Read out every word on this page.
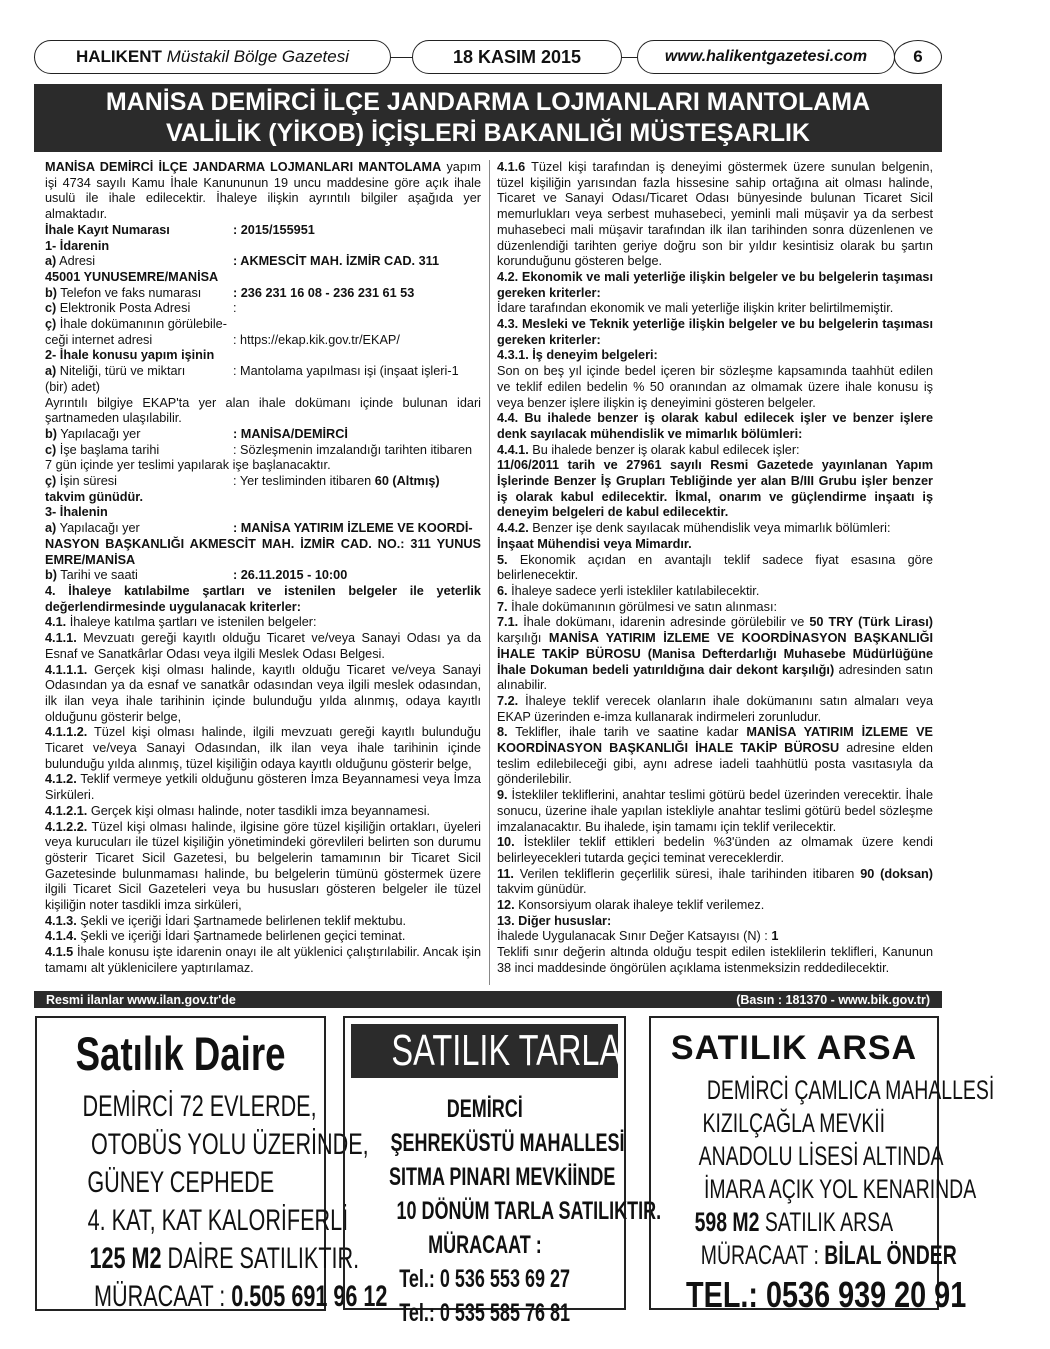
HALIKENT
Müstakil Bölge Gazetesi	18 KASIM 2015	www.halikentgazetesi.com	6
MANİSA DEMİRCİ İLÇE JANDARMA LOJMANLARI MANTOLAMA
VALİLİK (YİKOB) İÇİŞLERİ BAKANLIĞI MÜSTEŞARLIK

MANİSA DEMİRCİ İLÇE JANDARMA LOJMANLARI MANTOLAMA yapım işi 4734 sayılı Kamu İhale Kanununun 19 uncu maddesine göre açık ihale usulü ile ihale edilecektir. İhaleye ilişkin ayrıntılı bilgiler aşağıda yer almaktadır.

İhale Kayıt Numarası	: 2015/155951

1- İdarenin

a) Adresi	: AKMESCİT MAH. İZMİR CAD. 311

45001 YUNUSEMRE/MANİSA

b) Telefon ve faks numarası	: 236 231 16 08 - 236 231 61 53
c) Elektronik Posta Adresi	:

ç) İhale dokümanının görülebile-

ceği internet adresi	: https://ekap.kik.gov.tr/EKAP/

2- İhale konusu yapım işinin

a) Niteliği, türü ve miktarı	: Mantolama yapılması işi (inşaat işleri-1

(bir) adet)

Ayrıntılı bilgiye EKAP'ta yer alan ihale dokümanı içinde bulunan idari şartnameden ulaşılabilir.

b) Yapılacağı yer	: MANİSA/DEMİRCİ
c) İşe başlama tarihi	: Sözleşmenin imzalandığı tarihten itibaren

7 gün içinde yer teslimi yapılarak işe başlanacaktır.

ç) İşin süresi	: Yer tesliminden itibaren 60 (Altmış)

takvim günüdür.

3- İhalenin

a) Yapılacağı yer	: MANİSA YATIRIM İZLEME VE KOORDİ-

NASYON BAŞKANLIĞI AKMESCİT MAH. İZMİR CAD. NO.: 311 YUNUS EMRE/MANİSA

b) Tarihi ve saati	: 26.11.2015 - 10:00

4. İhaleye katılabilme şartları ve istenilen belgeler ile yeterlik değerlendirmesinde uygulanacak kriterler:

4.1. İhaleye katılma şartları ve istenilen belgeler:

4.1.1. Mevzuatı gereği kayıtlı olduğu Ticaret ve/veya Sanayi Odası ya da Esnaf ve Sanatkârlar Odası veya ilgili Meslek Odası Belgesi.

4.1.1.1. Gerçek kişi olması halinde, kayıtlı olduğu Ticaret ve/veya Sanayi Odasından ya da esnaf ve sanatkâr odasından veya ilgili meslek odasından, ilk ilan veya ihale tarihinin içinde bulunduğu yılda alınmış, odaya kayıtlı olduğunu gösterir belge,

4.1.1.2. Tüzel kişi olması halinde, ilgili mevzuatı gereği kayıtlı bulunduğu Ticaret ve/veya Sanayi Odasından, ilk ilan veya ihale tarihinin içinde bulunduğu yılda alınmış, tüzel kişiliğin odaya kayıtlı olduğunu gösterir belge,

4.1.2. Teklif vermeye yetkili olduğunu gösteren İmza Beyannamesi veya İmza Sirküleri.

4.1.2.1. Gerçek kişi olması halinde, noter tasdikli imza beyannamesi.

4.1.2.2. Tüzel kişi olması halinde, ilgisine göre tüzel kişiliğin ortakları, üyeleri veya kurucuları ile tüzel kişiliğin yönetimindeki görevlileri belirten son durumu gösterir Ticaret Sicil Gazetesi, bu belgelerin tamamının bir Ticaret Sicil Gazetesinde bulunmaması halinde, bu belgelerin tümünü göstermek üzere ilgili Ticaret Sicil Gazeteleri veya bu hususları gösteren belgeler ile tüzel kişiliğin noter tasdikli imza sirküleri,

4.1.3. Şekli ve içeriği İdari Şartnamede belirlenen teklif mektubu.

4.1.4. Şekli ve içeriği İdari Şartnamede belirlenen geçici teminat.

4.1.5 İhale konusu işte idarenin onayı ile alt yüklenici çalıştırılabilir. Ancak işin tamamı alt yüklenicilere yaptırılamaz.

4.1.6 Tüzel kişi tarafından iş deneyimi göstermek üzere sunulan belgenin, tüzel kişiliğin yarısından fazla hissesine sahip ortağına ait olması halinde, Ticaret ve Sanayi Odası/Ticaret Odası bünyesinde bulunan Ticaret Sicil memurlukları veya serbest muhasebeci, yeminli mali müşavir ya da serbest muhasebeci mali müşavir tarafından ilk ilan tarihinden sonra düzenlenen ve düzenlendiği tarihten geriye doğru son bir yıldır kesintisiz olarak bu şartın korunduğunu gösteren belge.

4.2. Ekonomik ve mali yeterliğe ilişkin belgeler ve bu belgelerin taşıması gereken kriterler:

İdare tarafından ekonomik ve mali yeterliğe ilişkin kriter belirtilmemiştir.

4.3. Mesleki ve Teknik yeterliğe ilişkin belgeler ve bu belgelerin taşıması gereken kriterler:

4.3.1. İş deneyim belgeleri:

Son on beş yıl içinde bedel içeren bir sözleşme kapsamında taahhüt edilen ve teklif edilen bedelin % 50 oranından az olmamak üzere ihale konusu iş veya benzer işlere ilişkin iş deneyimini gösteren belgeler.

4.4. Bu ihalede benzer iş olarak kabul edilecek işler ve benzer işlere denk sayılacak mühendislik ve mimarlık bölümleri:

4.4.1. Bu ihalede benzer iş olarak kabul edilecek işler:

11/06/2011 tarih ve 27961 sayılı Resmi Gazetede yayınlanan Yapım İşlerinde Benzer İş Grupları Tebliğinde yer alan B/III Grubu işler benzer iş olarak kabul edilecektir. İkmal, onarım ve güçlendirme inşaatı iş deneyim belgeleri de kabul edilecektir.

4.4.2. Benzer işe denk sayılacak mühendislik veya mimarlık bölümleri:

İnşaat Mühendisi veya Mimardır.

5. Ekonomik açıdan en avantajlı teklif sadece fiyat esasına göre belirlenecektir.

6. İhaleye sadece yerli istekliler katılabilecektir.

7. İhale dokümanının görülmesi ve satın alınması:

7.1. İhale dokümanı, idarenin adresinde görülebilir ve 50 TRY (Türk Lirası) karşılığı MANİSA YATIRIM İZLEME VE KOORDİNASYON BAŞKANLIĞI İHALE TAKİP BÜROSU (Manisa Defterdarlığı Muhasebe Müdürlüğüne İhale Dokuman bedeli yatırıldığına dair dekont karşılığı) adresinden satın alınabilir.

7.2. İhaleye teklif verecek olanların ihale dokümanını satın almaları veya EKAP üzerinden e-imza kullanarak indirmeleri zorunludur.

8. Teklifler, ihale tarih ve saatine kadar MANİSA YATIRIM İZLEME VE KOORDİNASYON BAŞKANLIĞI İHALE TAKİP BÜROSU adresine elden teslim edilebileceği gibi, aynı adrese iadeli taahhütlü posta vasıtasıyla da gönderilebilir.

9. İstekliler tekliflerini, anahtar teslimi götürü bedel üzerinden verecektir. İhale sonucu, üzerine ihale yapılan istekliyle anahtar teslimi götürü bedel sözleşme imzalanacaktır. Bu ihalede, işin tamamı için teklif verilecektir.

10. İstekliler teklif ettikleri bedelin %3'ünden az olmamak üzere kendi belirleyecekleri tutarda geçici teminat vereceklerdir.

11. Verilen tekliflerin geçerlilik süresi, ihale tarihinden itibaren 90 (doksan) takvim günüdür.

12. Konsorsiyum olarak ihaleye teklif verilemez.

13. Diğer hususlar:

İhalede Uygulanacak Sınır Değer Katsayısı (N) : 1

Teklifi sınır değerin altında olduğu tespit edilen isteklilerin teklifleri, Kanunun 38 inci maddesinde öngörülen açıklama istenmeksizin reddedilecektir.

Resmi ilanlar www.ilan.gov.tr'de	(Basın : 181370 - www.bik.gov.tr)
Satılık Daire
DEMİRCİ 72 EVLERDE,
OTOBÜS YOLU ÜZERİNDE,
GÜNEY CEPHEDE
4. KAT, KAT KALORİFERLİ
125 M2 DAİRE SATILIKTIR.
MÜRACAAT : 0.505 691 96 12
SATILIK TARLA
DEMİRCİ
ŞEHREKÜSTÜ MAHALLESİ
SITMA PINARI MEVKİİNDE
10 DÖNÜM TARLA SATILIKTIR.
MÜRACAAT :
Tel.: 0 536 553 69 27
Tel.: 0 535 585 76 81
SATILIK ARSA
DEMİRCİ ÇAMLICA MAHALLESİ
KIZILÇAĞLA MEVKİİ
ANADOLU LİSESİ ALTINDA
İMARA AÇIK YOL KENARINDA
598 M2 SATILIK ARSA
MÜRACAAT : BİLAL ÖNDER
TEL.: 0536 939 20 91
